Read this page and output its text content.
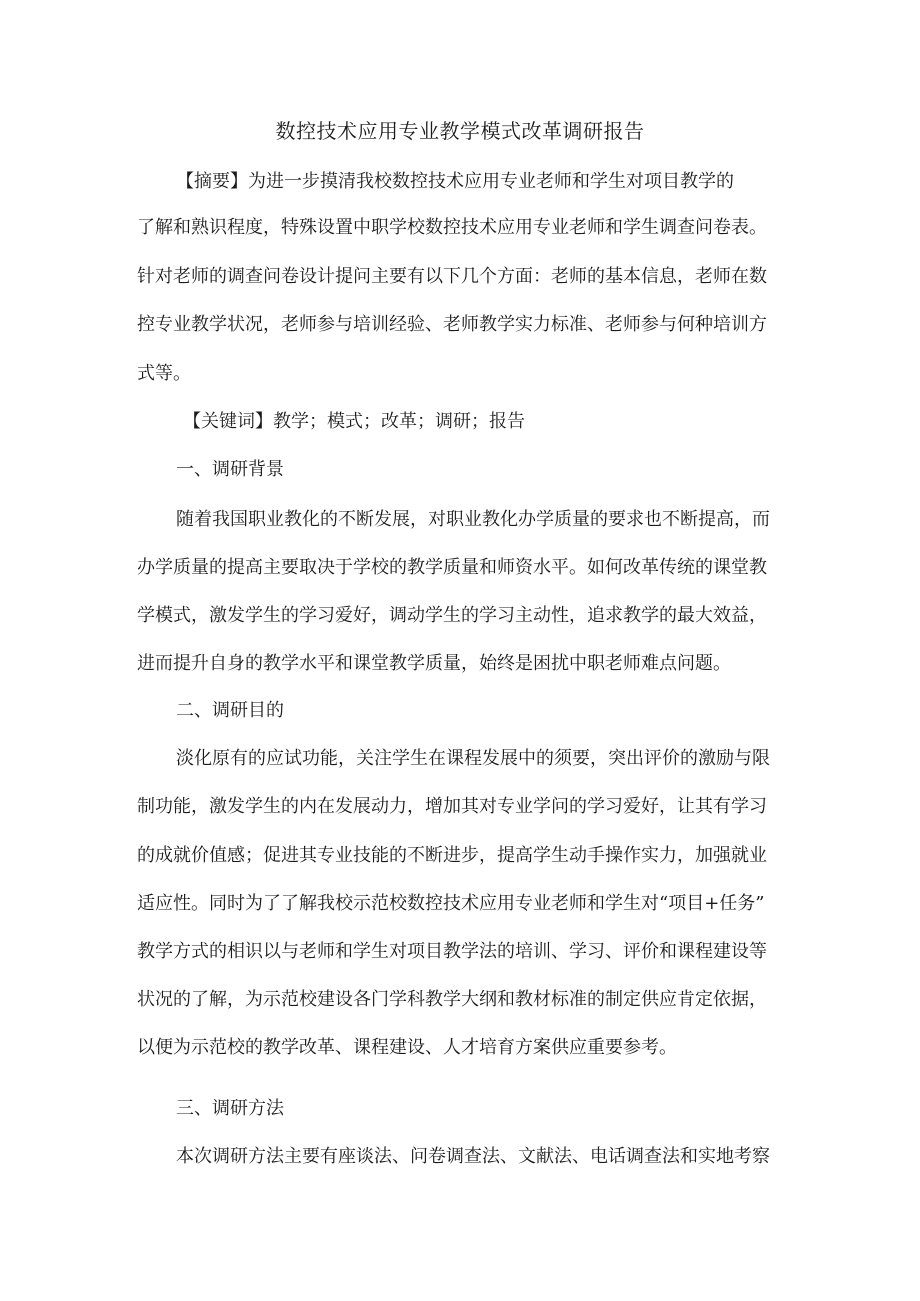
数控技术应用专业教学模式改革调研报告
【摘要】为进一步摸清我校数控技术应用专业老师和学生对项目教学的
了解和熟识程度，特殊设置中职学校数控技术应用专业老师和学生调查问卷表。
针对老师的调查问卷设计提问主要有以下几个方面：老师的基本信息，老师在数
控专业教学状况，老师参与培训经验、老师教学实力标准、老师参与何种培训方
式等。
【关键词】教学；模式；改革；调研；报告
一、调研背景
随着我国职业教化的不断发展，对职业教化办学质量的要求也不断提高，而
办学质量的提高主要取决于学校的教学质量和师资水平。如何改革传统的课堂教
学模式，激发学生的学习爱好，调动学生的学习主动性，追求教学的最大效益，
进而提升自身的教学水平和课堂教学质量，始终是困扰中职老师难点问题。
二、调研目的
淡化原有的应试功能，关注学生在课程发展中的须要，突出评价的激励与限
制功能，激发学生的内在发展动力，增加其对专业学问的学习爱好，让其有学习
的成就价值感；促进其专业技能的不断进步，提高学生动手操作实力，加强就业
适应性。同时为了了解我校示范校数控技术应用专业老师和学生对“项目+任务”
教学方式的相识以与老师和学生对项目教学法的培训、学习、评价和课程建设等
状况的了解，为示范校建设各门学科教学大纲和教材标准的制定供应肯定依据，
以便为示范校的教学改革、课程建设、人才培育方案供应重要参考。
三、调研方法
本次调研方法主要有座谈法、问卷调查法、文献法、电话调查法和实地考察
